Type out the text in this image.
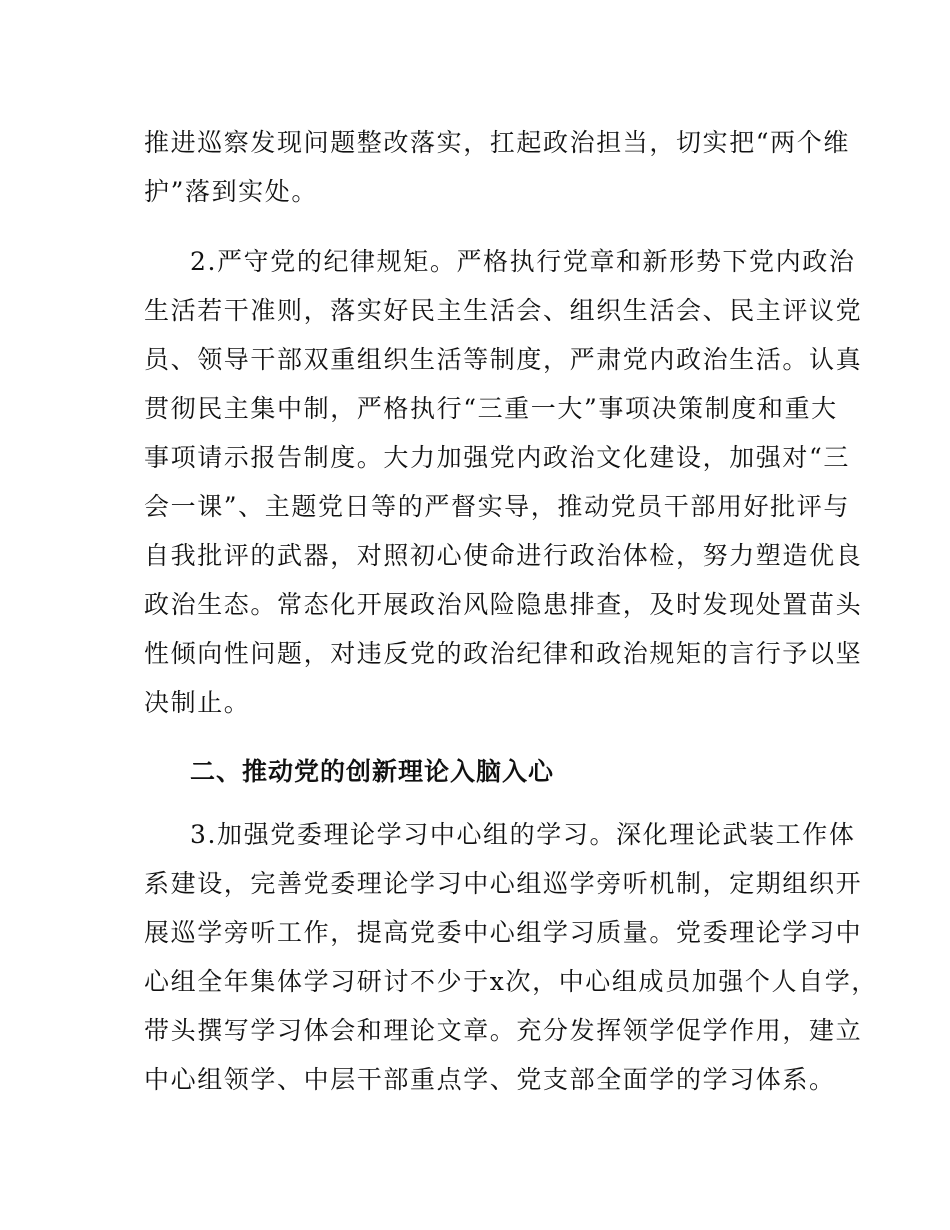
推进巡察发现问题整改落实，扛起政治担当，切实把“两个维
护”落到实处。
2.严守党的纪律规矩。严格执行党章和新形势下党内政治
生活若干准则，落实好民主生活会、组织生活会、民主评议党
员、领导干部双重组织生活等制度，严肃党内政治生活。认真
贯彻民主集中制，严格执行“三重一大”事项决策制度和重大
事项请示报告制度。大力加强党内政治文化建设，加强对“三
会一课”、主题党日等的严督实导，推动党员干部用好批评与
自我批评的武器，对照初心使命进行政治体检，努力塑造优良
政治生态。常态化开展政治风险隐患排查，及时发现处置苗头
性倾向性问题，对违反党的政治纪律和政治规矩的言行予以坚
决制止。
二、推动党的创新理论入脑入心
3.加强党委理论学习中心组的学习。深化理论武装工作体
系建设，完善党委理论学习中心组巡学旁听机制，定期组织开
展巡学旁听工作，提高党委中心组学习质量。党委理论学习中
心组全年集体学习研讨不少于x次，中心组成员加强个人自学，
带头撰写学习体会和理论文章。充分发挥领学促学作用，建立
中心组领学、中层干部重点学、党支部全面学的学习体系。
